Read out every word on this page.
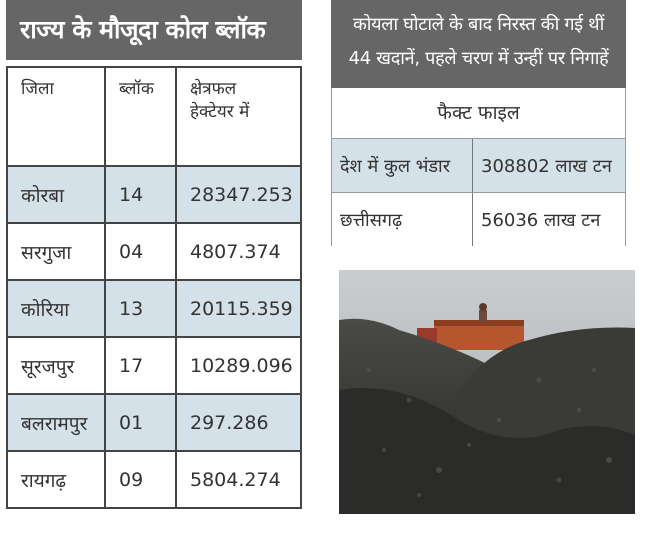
राज्य के मौजूदा कोल ब्लॉक
जिला	ब्लॉक	क्षेत्रफल
हेक्टेयर में

कोरबा	14	28347.253
सरगुजा	04	4807.374
कोरिया	13	20115.359
सूरजपुर	17	10289.096
बलरामपुर	01	297.286
रायगढ़	09	5804.274
कोयला घोटाले के बाद निरस्त की गई थीं
44 खदानें, पहले चरण में उन्हीं पर निगाहें
फैक्ट फाइल
देश में कुल भंडार	308802 लाख टन
छत्तीसगढ़	56036 लाख टन
